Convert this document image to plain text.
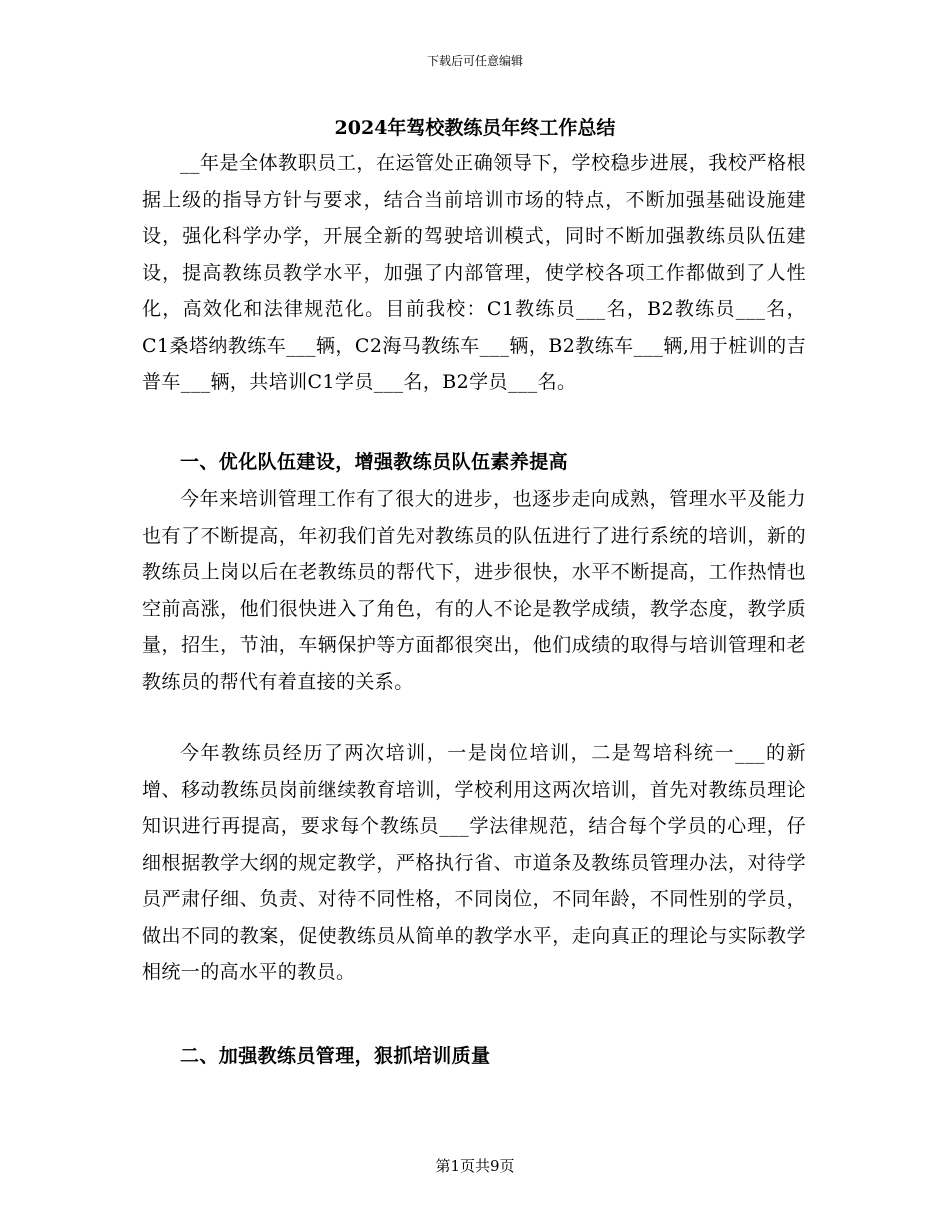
下载后可任意编辑
2024年驾校教练员年终工作总结

__年是全体教职员工，在运管处正确领导下，学校稳步进展，我校严格根据上级的指导方针与要求，结合当前培训市场的特点，不断加强基础设施建设，强化科学办学，开展全新的驾驶培训模式，同时不断加强教练员队伍建设，提高教练员教学水平，加强了内部管理，使学校各项工作都做到了人性化，高效化和法律规范化。目前我校：C1教练员___名，B2教练员___名，C1桑塔纳教练车___辆，C2海马教练车___辆，B2教练车___辆,用于桩训的吉普车___辆，共培训C1学员___名，B2学员___名。

一、优化队伍建设，增强教练员队伍素养提高

今年来培训管理工作有了很大的进步，也逐步走向成熟，管理水平及能力也有了不断提高，年初我们首先对教练员的队伍进行了进行系统的培训，新的教练员上岗以后在老教练员的帮代下，进步很快，水平不断提高，工作热情也空前高涨，他们很快进入了角色，有的人不论是教学成绩，教学态度，教学质量，招生，节油，车辆保护等方面都很突出，他们成绩的取得与培训管理和老教练员的帮代有着直接的关系。

今年教练员经历了两次培训，一是岗位培训，二是驾培科统一___的新增、移动教练员岗前继续教育培训，学校利用这两次培训，首先对教练员理论知识进行再提高，要求每个教练员___学法律规范，结合每个学员的心理，仔细根据教学大纲的规定教学，严格执行省、市道条及教练员管理办法，对待学员严肃仔细、负责、对待不同性格，不同岗位，不同年龄，不同性别的学员，做出不同的教案，促使教练员从简单的教学水平，走向真正的理论与实际教学相统一的高水平的教员。

二、加强教练员管理，狠抓培训质量
第1页共9页
